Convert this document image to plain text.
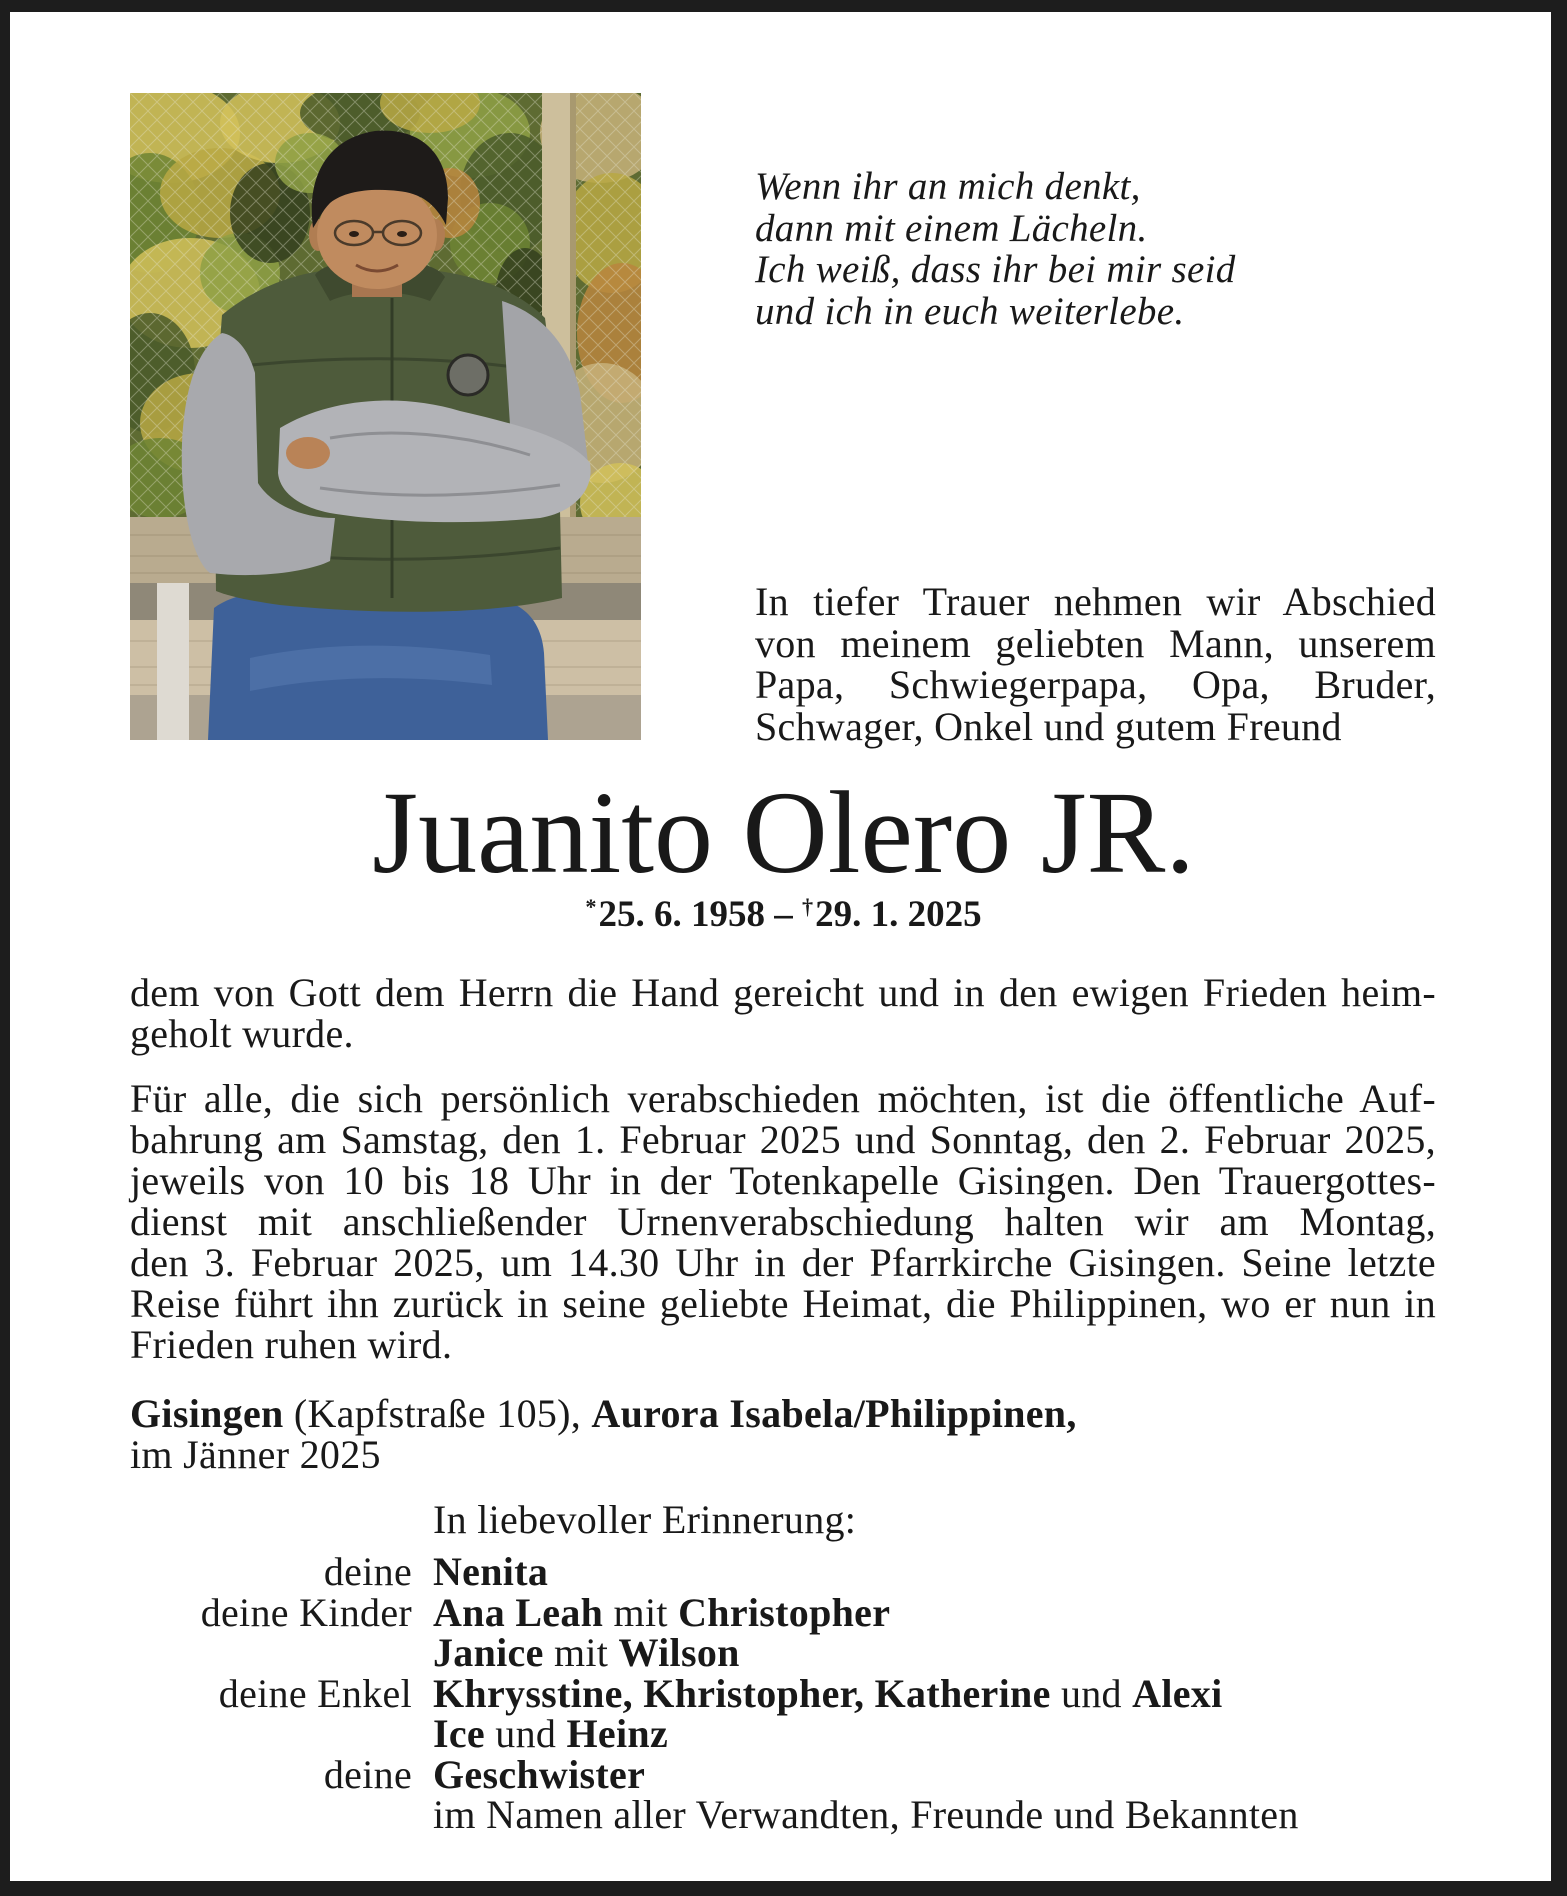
Wenn ihr an mich denkt,
dann mit einem Lächeln.
Ich weiß, dass ihr bei mir seid
und ich in euch weiterlebe.
In tiefer Trauer nehmen wir Abschied
von meinem geliebten Mann, unserem
Papa, Schwiegerpapa, Opa, Bruder,
Schwager, Onkel und gutem Freund
Juanito Olero JR.
*25. 6. 1958 – †29. 1. 2025
dem von Gott dem Herrn die Hand gereicht und in den ewigen Frieden heim-
geholt wurde.
Für alle, die sich persönlich verabschieden möchten, ist die öffentliche Auf-
bahrung am Samstag, den 1. Februar 2025 und Sonntag, den 2. Februar 2025,
jeweils von 10 bis 18 Uhr in der Totenkapelle Gisingen. Den Trauergottes-
dienst mit anschließender Urnenverabschiedung halten wir am Montag,
den 3. Februar 2025, um 14.30 Uhr in der Pfarrkirche Gisingen. Seine letzte
Reise führt ihn zurück in seine geliebte Heimat, die Philippinen, wo er nun in
Frieden ruhen wird.
Gisingen (Kapfstraße 105), Aurora Isabela/Philippinen,
im Jänner 2025
In liebevoller Erinnerung:
deine Nenita
deine Kinder Ana Leah mit Christopher
Janice mit Wilson
deine Enkel Khrysstine, Khristopher, Katherine und Alexi
Ice und Heinz
deine Geschwister
im Namen aller Verwandten, Freunde und Bekannten
